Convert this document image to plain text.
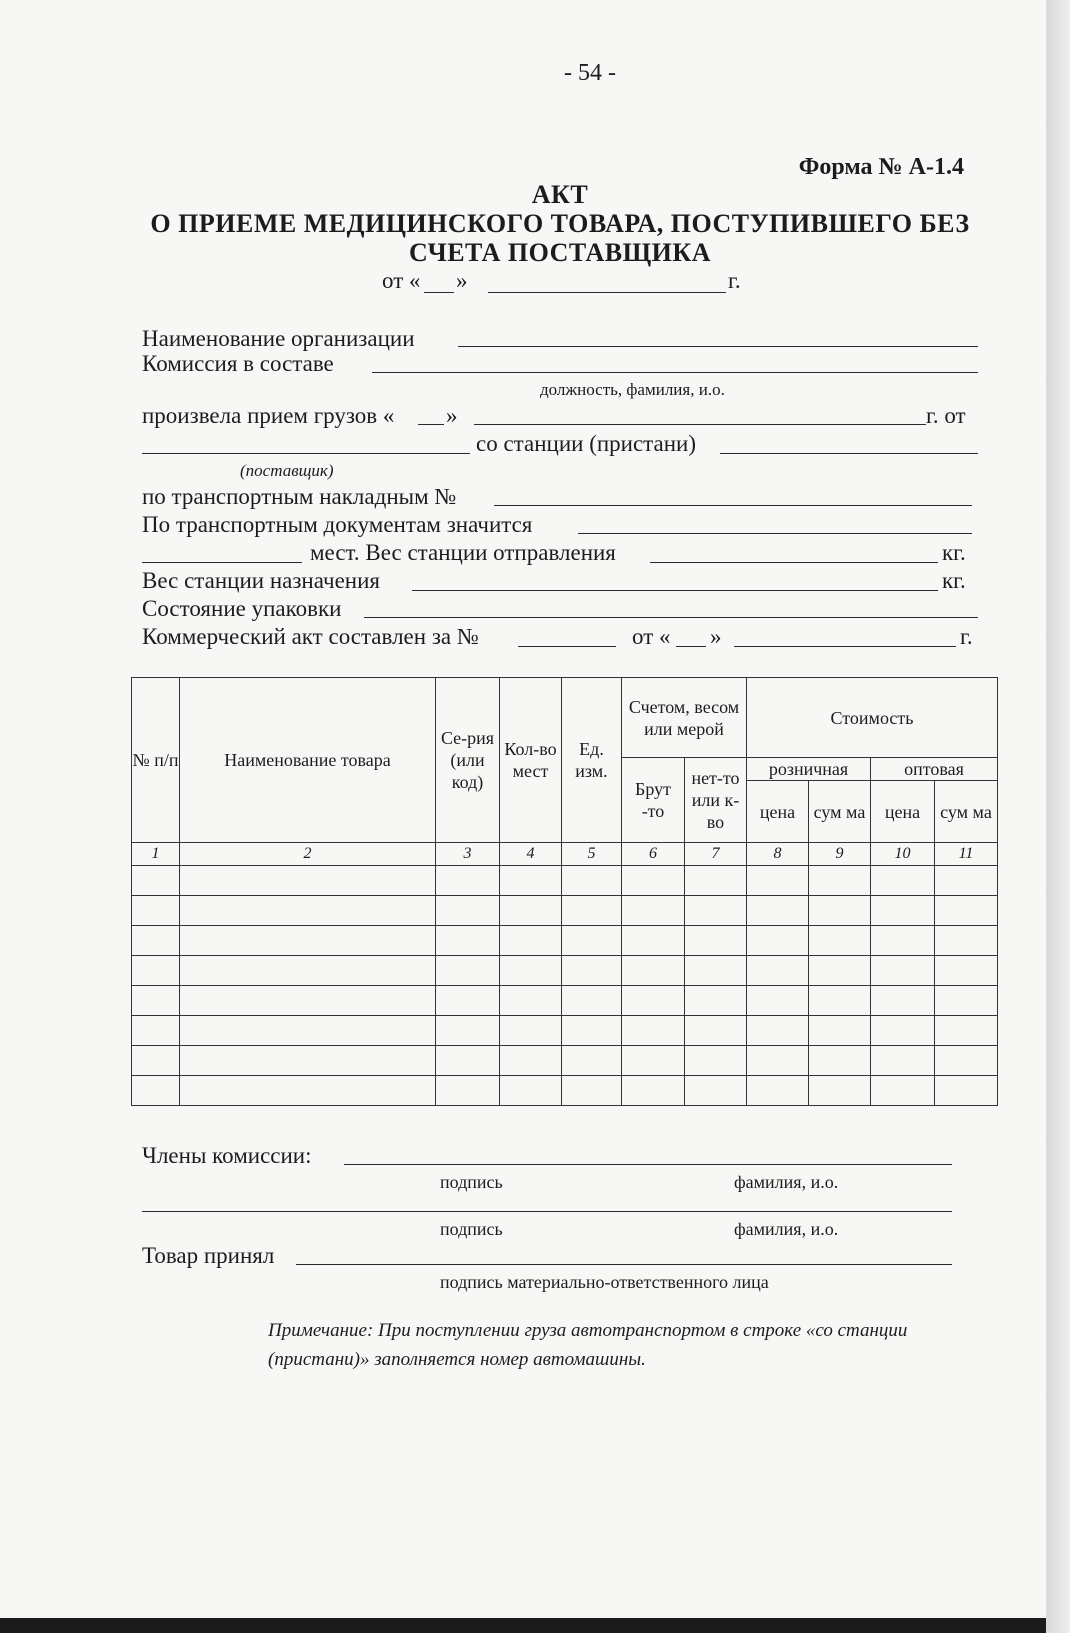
- 54 -
Форма № А-1.4
АКТ
О ПРИЕМЕ МЕДИЦИНСКОГО ТОВАРА, ПОСТУПИВШЕГО БЕЗ
СЧЕТА ПОСТАВЩИКА
от « »	г.
Наименование организации
Комиссия в составе
должность, фамилия, и.о.
произвела прием грузов « »	г. от
со станции (пристани)
(поставщик)
по транспортным накладным №
По транспортным документам значится
мест. Вес станции отправления	кг.
Вес станции назначения	кг.
Состояние упаковки
Коммерческий акт составлен за №	от « »	г.
№ п/п	Наименование товара	Се-рия (или код)	Кол-во мест	Ед. изм.	Счетом, весом или мерой		Стоимость			
					Брут -то	нет-то или к-во	розничная		оптовая	
							цена	сум ма	цена	сум ма
1	2	3	4	5	6	7	8	9	10	11

Члены комиссии:
подпись	фамилия, и.о.
подпись	фамилия, и.о.
Товар принял
подпись материально-ответственного лица
Примечание: При поступлении груза автотранспортом в строке «со станции (пристани)» заполняется номер автомашины.
